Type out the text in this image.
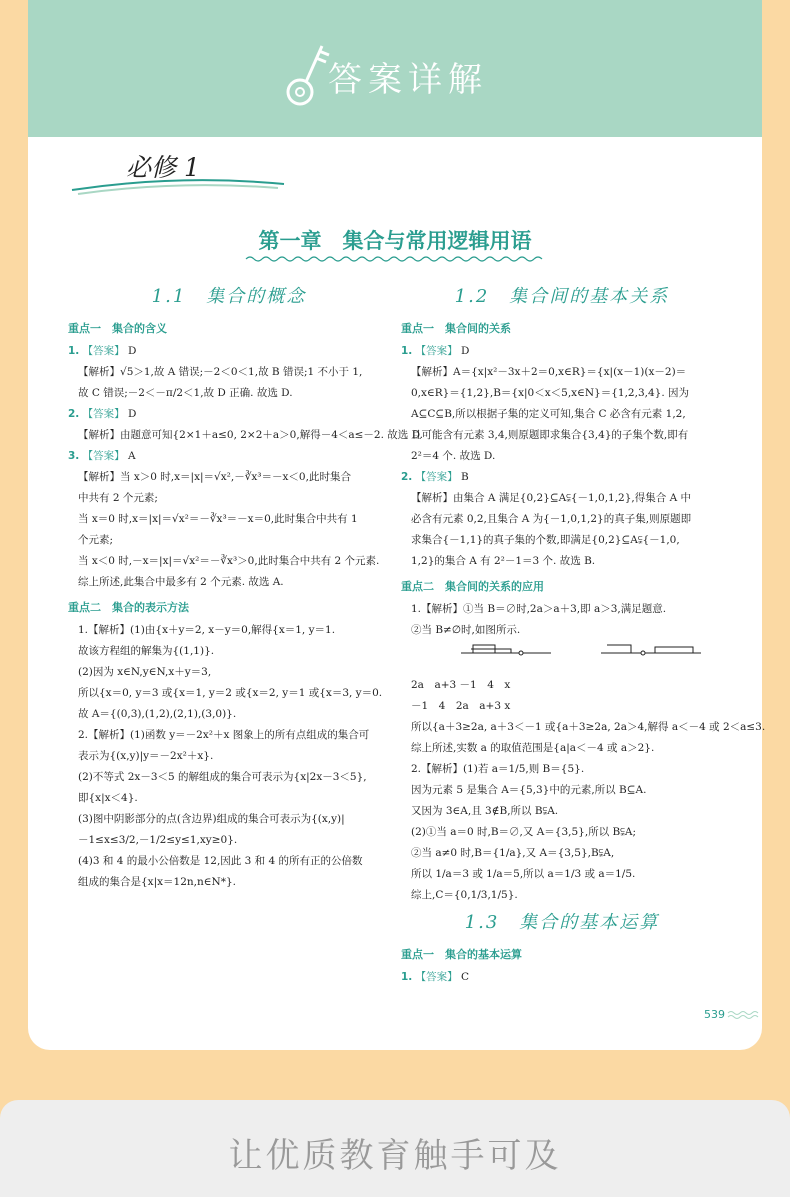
答案详解
必修 1
第一章　集合与常用逻辑用语
1.1　集合的概念
重点一　集合的含义
1. 【答案】 D
【解析】√5＞1,故 A 错误;－2＜0＜1,故 B 错误;1 不小于 1,
故 C 错误;－2＜－π/2＜1,故 D 正确. 故选 D.
2. 【答案】 D
【解析】由题意可知{2×1＋a≤0, 2×2＋a＞0,解得－4＜a≤－2. 故选 D.
3. 【答案】 A
【解析】当 x＞0 时,x＝|x|＝√x²,－∛x³＝－x＜0,此时集合
中共有 2 个元素;
当 x＝0 时,x＝|x|＝√x²＝－∛x³＝－x＝0,此时集合中共有 1
个元素;
当 x＜0 时,－x＝|x|＝√x²＝－∛x³＞0,此时集合中共有 2 个元素.
综上所述,此集合中最多有 2 个元素. 故选 A.
重点二　集合的表示方法
1.【解析】(1)由{x＋y＝2, x－y＝0,解得{x＝1, y＝1.
故该方程组的解集为{(1,1)}.
(2)因为 x∈N,y∈N,x＋y＝3,
所以{x＝0, y＝3 或{x＝1, y＝2 或{x＝2, y＝1 或{x＝3, y＝0.
故 A＝{(0,3),(1,2),(2,1),(3,0)}.
2.【解析】(1)函数 y＝－2x²＋x 图象上的所有点组成的集合可
表示为{(x,y)|y＝－2x²＋x}.
(2)不等式 2x－3＜5 的解组成的集合可表示为{x|2x－3＜5},
即{x|x＜4}.
(3)图中阴影部分的点(含边界)组成的集合可表示为{(x,y)|
－1≤x≤3/2,－1/2≤y≤1,xy≥0}.
(4)3 和 4 的最小公倍数是 12,因此 3 和 4 的所有正的公倍数
组成的集合是{x|x＝12n,n∈N*}.
1.2　集合间的基本关系
重点一　集合间的关系
1. 【答案】 D
【解析】A＝{x|x²－3x＋2＝0,x∈R}＝{x|(x－1)(x－2)＝
0,x∈R}＝{1,2},B＝{x|0＜x＜5,x∈N}＝{1,2,3,4}. 因为
A⊆C⊆B,所以根据子集的定义可知,集合 C 必含有元素 1,2,
且可能含有元素 3,4,则原题即求集合{3,4}的子集个数,即有
2²＝4 个. 故选 D.
2. 【答案】 B
【解析】由集合 A 满足{0,2}⊆A⫋{－1,0,1,2},得集合 A 中
必含有元素 0,2,且集合 A 为{－1,0,1,2}的真子集,则原题即
求集合{－1,1}的真子集的个数,即满足{0,2}⊆A⫋{－1,0,
1,2}的集合 A 有 2²－1＝3 个. 故选 B.
重点二　集合间的关系的应用
1.【解析】①当 B＝∅时,2a＞a＋3,即 a＞3,满足题意.
②当 B≠∅时,如图所示.
2a　a+3 －1　4　x
－1　4　2a　a+3 x
所以{a＋3≥2a, a＋3＜－1 或{a＋3≥2a, 2a＞4,解得 a＜－4 或 2＜a≤3.
综上所述,实数 a 的取值范围是{a|a＜－4 或 a＞2}.
2.【解析】(1)若 a＝1/5,则 B＝{5}.
因为元素 5 是集合 A＝{5,3}中的元素,所以 B⊆A.
又因为 3∈A,且 3∉B,所以 B⫋A.
(2)①当 a＝0 时,B＝∅,又 A＝{3,5},所以 B⫋A;
②当 a≠0 时,B＝{1/a},又 A＝{3,5},B⫋A,
所以 1/a＝3 或 1/a＝5,所以 a＝1/3 或 a＝1/5.
综上,C＝{0,1/3,1/5}.
1.3　集合的基本运算
重点一　集合的基本运算
1. 【答案】 C
539
让优质教育触手可及
